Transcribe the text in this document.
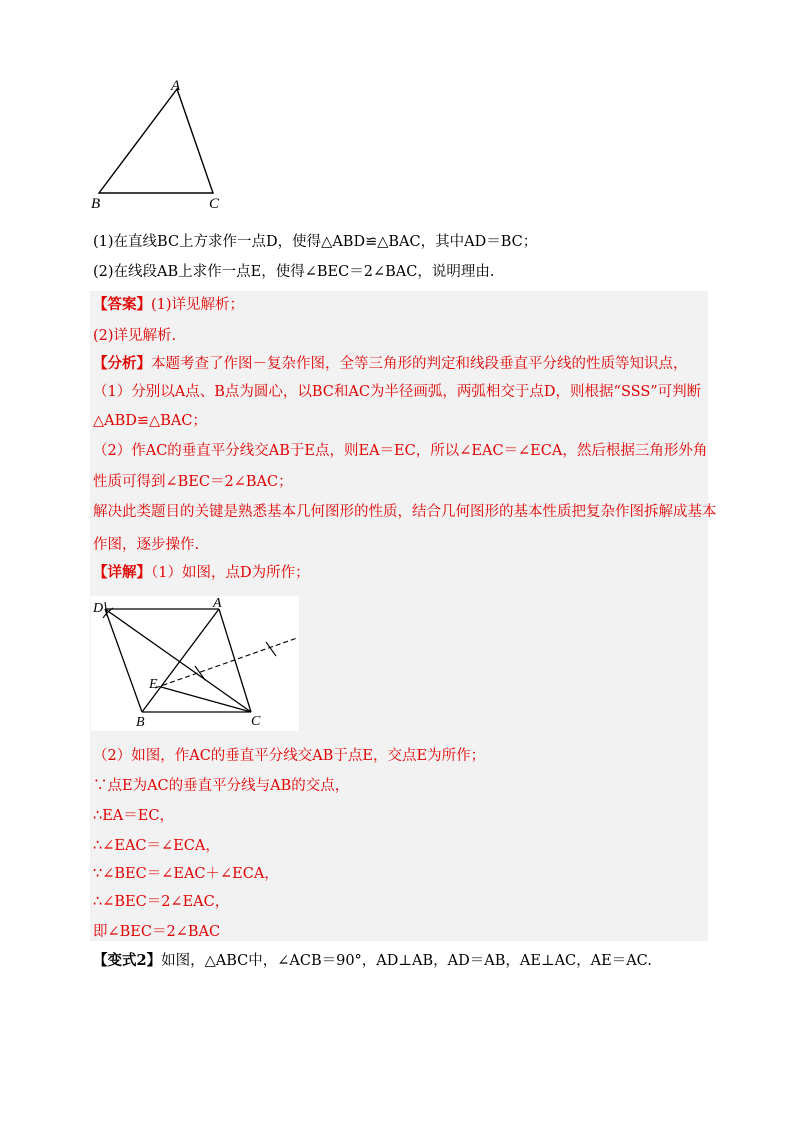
A
B	C
(1)在直线BC上方求作一点D，使得△ABD≌△BAC，其中AD＝BC；
(2)在线段AB上求作一点E，使得∠BEC＝2∠BAC，说明理由.
【答案】(1)详见解析；
(2)详见解析.
【分析】本题考查了作图－复杂作图，全等三角形的判定和线段垂直平分线的性质等知识点，
（1）分别以A点、B点为圆心，以BC和AC为半径画弧，两弧相交于点D，则根据“SSS”可判断
△ABD≌△BAC；
（2）作AC的垂直平分线交AB于E点，则EA＝EC，所以∠EAC＝∠ECA，然后根据三角形外角
性质可得到∠BEC＝2∠BAC；
解决此类题目的关键是熟悉基本几何图形的性质，结合几何图形的基本性质把复杂作图拆解成基本
作图，逐步操作.
【详解】（1）如图，点D为所作；
D	A
E
B	C
（2）如图，作AC的垂直平分线交AB于点E，交点E为所作；
∵点E为AC的垂直平分线与AB的交点，
∴EA＝EC，
∴∠EAC＝∠ECA，
∵∠BEC＝∠EAC＋∠ECA，
∴∠BEC＝2∠EAC，
即∠BEC＝2∠BAC
【变式2】如图，△ABC中，∠ACB＝90°，AD⊥AB，AD＝AB，AE⊥AC，AE＝AC.
